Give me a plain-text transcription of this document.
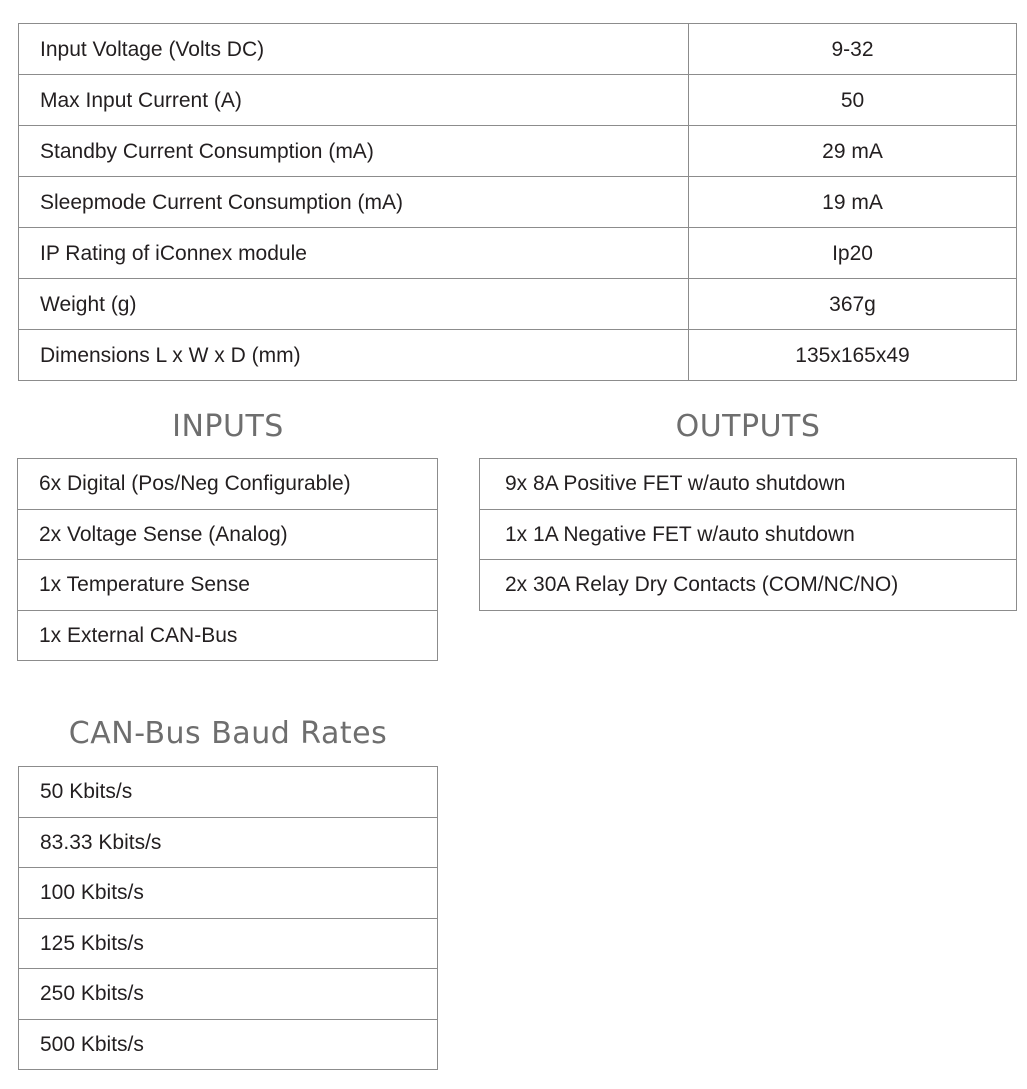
Input Voltage (Volts DC)	9-32
Max Input Current (A)	50
Standby Current Consumption (mA)	29 mA
Sleepmode Current Consumption (mA)	19 mA
IP Rating of iConnex module	Ip20
Weight (g)	367g
Dimensions L x W x D (mm)	135x165x49
INPUTS	OUTPUTS
6x Digital (Pos/Neg Configurable)
2x Voltage Sense (Analog)
1x Temperature Sense
1x External CAN-Bus
9x 8A Positive FET w/auto shutdown
1x 1A Negative FET w/auto shutdown
2x 30A Relay Dry Contacts (COM/NC/NO)
CAN-Bus Baud Rates
50 Kbits/s
83.33 Kbits/s
100 Kbits/s
125 Kbits/s
250 Kbits/s
500 Kbits/s
